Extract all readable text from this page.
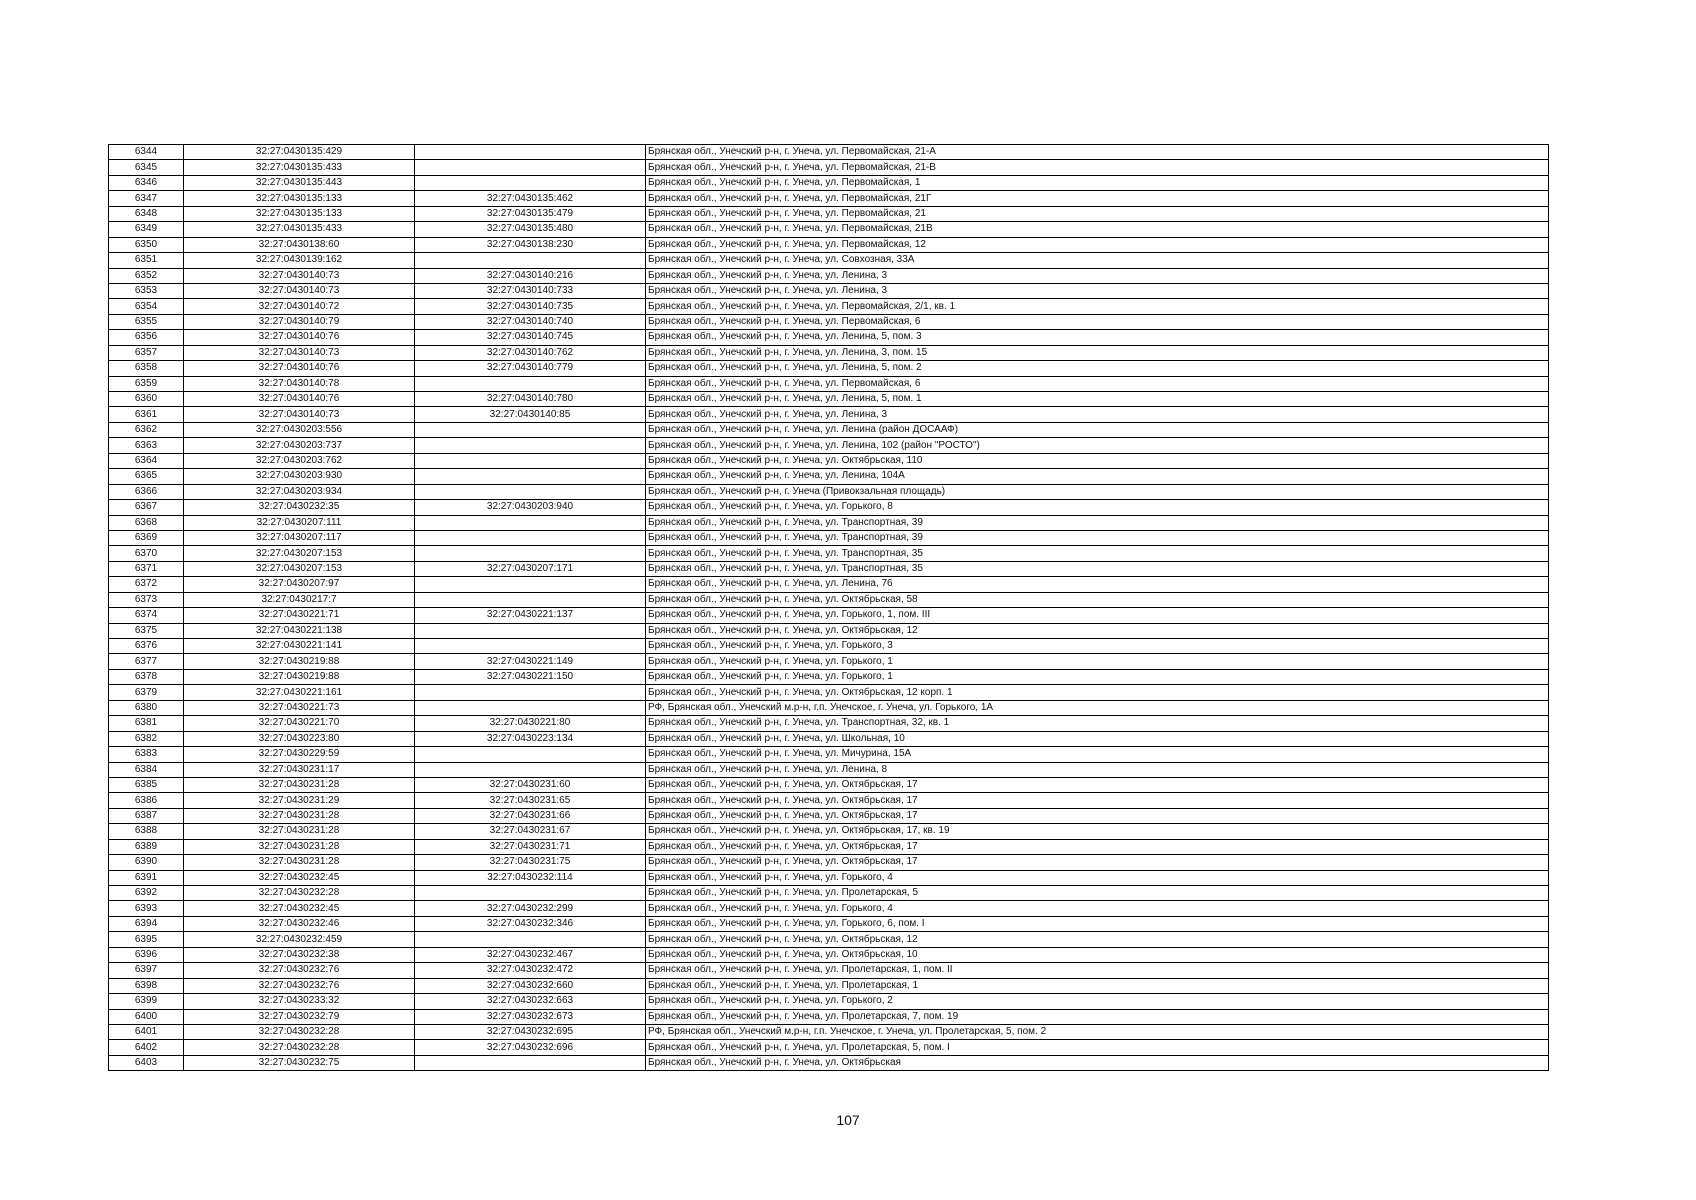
6344	32:27:0430135:429		Брянская обл., Унечский р-н, г. Унеча, ул. Первомайская, 21-А
6345	32:27:0430135:433		Брянская обл., Унечский р-н, г. Унеча, ул. Первомайская, 21-В
6346	32:27:0430135:443		Брянская обл., Унечский р-н, г. Унеча, ул. Первомайская, 1
6347	32:27:0430135:133	32:27:0430135:462	Брянская обл., Унечский р-н, г. Унеча, ул. Первомайская, 21Г
6348	32:27:0430135:133	32:27:0430135:479	Брянская обл., Унечский р-н, г. Унеча, ул. Первомайская, 21
6349	32:27:0430135:433	32:27:0430135:480	Брянская обл., Унечский р-н, г. Унеча, ул. Первомайская, 21В
6350	32:27:0430138:60	32:27:0430138:230	Брянская обл., Унечский р-н, г. Унеча, ул. Первомайская, 12
6351	32:27:0430139:162		Брянская обл., Унечский р-н, г. Унеча, ул. Совхозная, 33А
6352	32:27:0430140:73	32:27:0430140:216	Брянская обл., Унечский р-н, г. Унеча, ул. Ленина, 3
6353	32:27:0430140:73	32:27:0430140:733	Брянская обл., Унечский р-н, г. Унеча, ул. Ленина, 3
6354	32:27:0430140:72	32:27:0430140:735	Брянская обл., Унечский р-н, г. Унеча, ул. Первомайская, 2/1, кв. 1
6355	32:27:0430140:79	32:27:0430140:740	Брянская обл., Унечский р-н, г. Унеча, ул. Первомайская, 6
6356	32:27:0430140:76	32:27:0430140:745	Брянская обл., Унечский р-н, г. Унеча, ул. Ленина, 5, пом. 3
6357	32:27:0430140:73	32:27:0430140:762	Брянская обл., Унечский р-н, г. Унеча, ул. Ленина, 3, пом. 15
6358	32:27:0430140:76	32:27:0430140:779	Брянская обл., Унечский р-н, г. Унеча, ул. Ленина, 5, пом. 2
6359	32:27:0430140:78		Брянская обл., Унечский р-н, г. Унеча, ул. Первомайская, 6
6360	32:27:0430140:76	32:27:0430140:780	Брянская обл., Унечский р-н, г. Унеча, ул. Ленина, 5, пом. 1
6361	32:27:0430140:73	32:27:0430140:85	Брянская обл., Унечский р-н, г. Унеча, ул. Ленина, 3
6362	32:27:0430203:556		Брянская обл., Унечский р-н, г. Унеча, ул. Ленина (район ДОСААФ)
6363	32:27:0430203:737		Брянская обл., Унечский р-н, г. Унеча, ул. Ленина, 102 (район "РОСТО")
6364	32:27:0430203:762		Брянская обл., Унечский р-н, г. Унеча, ул. Октябрьская, 110
6365	32:27:0430203:930		Брянская обл., Унечский р-н, г. Унеча, ул. Ленина, 104А
6366	32:27:0430203:934		Брянская обл., Унечский р-н, г. Унеча (Привокзальная площадь)
6367	32:27:0430232:35	32:27:0430203:940	Брянская обл., Унечский р-н, г. Унеча, ул. Горького, 8
6368	32:27:0430207:111		Брянская обл., Унечский р-н, г. Унеча, ул. Транспортная, 39
6369	32:27:0430207:117		Брянская обл., Унечский р-н, г. Унеча, ул. Транспортная, 39
6370	32:27:0430207:153		Брянская обл., Унечский р-н, г. Унеча, ул. Транспортная, 35
6371	32:27:0430207:153	32:27:0430207:171	Брянская обл., Унечский р-н, г. Унеча, ул. Транспортная, 35
6372	32:27:0430207:97		Брянская обл., Унечский р-н, г. Унеча, ул. Ленина, 76
6373	32:27:0430217:7		Брянская обл., Унечский р-н, г. Унеча, ул. Октябрьская, 58
6374	32:27:0430221:71	32:27:0430221:137	Брянская обл., Унечский р-н, г. Унеча, ул. Горького, 1, пом. III
6375	32:27:0430221:138		Брянская обл., Унечский р-н, г. Унеча, ул. Октябрьская, 12
6376	32:27:0430221:141		Брянская обл., Унечский р-н, г. Унеча, ул. Горького, 3
6377	32:27:0430219:88	32:27:0430221:149	Брянская обл., Унечский р-н, г. Унеча, ул. Горького, 1
6378	32:27:0430219:88	32:27:0430221:150	Брянская обл., Унечский р-н, г. Унеча, ул. Горького, 1
6379	32:27:0430221:161		Брянская обл., Унечский р-н, г. Унеча, ул. Октябрьская, 12 корп. 1
6380	32:27:0430221:73		РФ, Брянская обл., Унечский м.р-н, г.п. Унечское, г. Унеча, ул. Горького, 1А
6381	32:27:0430221:70	32:27:0430221:80	Брянская обл., Унечский р-н, г. Унеча, ул. Транспортная, 32, кв. 1
6382	32:27:0430223:80	32:27:0430223:134	Брянская обл., Унечский р-н, г. Унеча, ул. Школьная, 10
6383	32:27:0430229:59		Брянская обл., Унечский р-н, г. Унеча, ул. Мичурина, 15А
6384	32:27:0430231:17		Брянская обл., Унечский р-н, г. Унеча, ул. Ленина, 8
6385	32:27:0430231:28	32:27:0430231:60	Брянская обл., Унечский р-н, г. Унеча, ул. Октябрьская, 17
6386	32:27:0430231:29	32:27:0430231:65	Брянская обл., Унечский р-н, г. Унеча, ул. Октябрьская, 17
6387	32:27:0430231:28	32:27:0430231:66	Брянская обл., Унечский р-н, г. Унеча, ул. Октябрьская, 17
6388	32:27:0430231:28	32:27:0430231:67	Брянская обл., Унечский р-н, г. Унеча, ул. Октябрьская, 17, кв. 19
6389	32:27:0430231:28	32:27:0430231:71	Брянская обл., Унечский р-н, г. Унеча, ул. Октябрьская, 17
6390	32:27:0430231:28	32:27:0430231:75	Брянская обл., Унечский р-н, г. Унеча, ул. Октябрьская, 17
6391	32:27:0430232:45	32:27:0430232:114	Брянская обл., Унечский р-н, г. Унеча, ул. Горького, 4
6392	32:27:0430232:28		Брянская обл., Унечский р-н, г. Унеча, ул. Пролетарская, 5
6393	32:27:0430232:45	32:27:0430232:299	Брянская обл., Унечский р-н, г. Унеча, ул. Горького, 4
6394	32:27:0430232:46	32:27:0430232:346	Брянская обл., Унечский р-н, г. Унеча, ул. Горького, 6, пом. I
6395	32:27:0430232:459		Брянская обл., Унечский р-н, г. Унеча, ул. Октябрьская, 12
6396	32:27:0430232:38	32:27:0430232:467	Брянская обл., Унечский р-н, г. Унеча, ул. Октябрьская, 10
6397	32:27:0430232:76	32:27:0430232:472	Брянская обл., Унечский р-н, г. Унеча, ул. Пролетарская, 1, пом. II
6398	32:27:0430232:76	32:27:0430232:660	Брянская обл., Унечский р-н, г. Унеча, ул. Пролетарская, 1
6399	32:27:0430233:32	32:27:0430232:663	Брянская обл., Унечский р-н, г. Унеча, ул. Горького, 2
6400	32:27:0430232:79	32:27:0430232:673	Брянская обл., Унечский р-н, г. Унеча, ул. Пролетарская, 7, пом. 19
6401	32:27:0430232:28	32:27:0430232:695	РФ, Брянская обл., Унечский м.р-н, г.п. Унечское, г. Унеча, ул. Пролетарская, 5, пом. 2
6402	32:27:0430232:28	32:27:0430232:696	Брянская обл., Унечский р-н, г. Унеча, ул. Пролетарская, 5, пом. I
6403	32:27:0430232:75		Брянская обл., Унечский р-н, г. Унеча, ул. Октябрьская
107
